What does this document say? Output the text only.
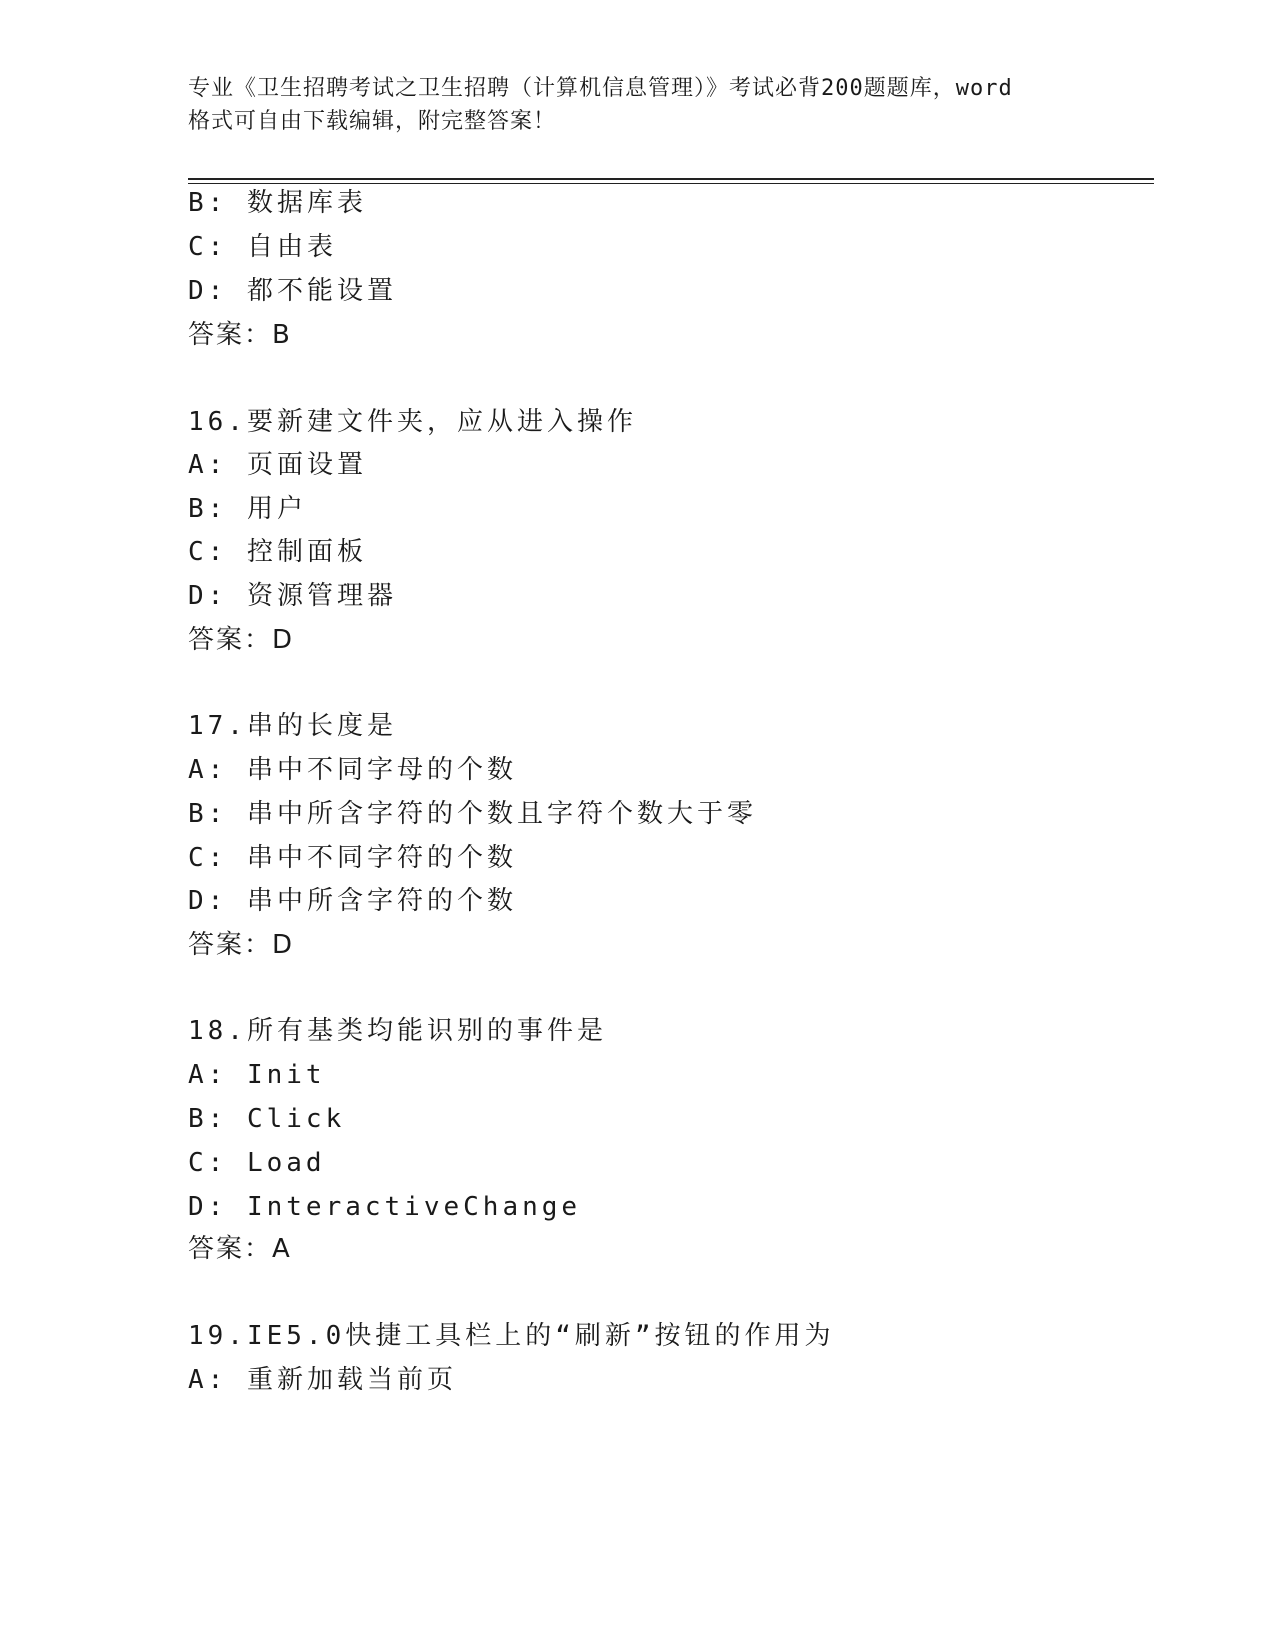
专业《卫生招聘考试之卫生招聘（计算机信息管理）》考试必背200题题库，word
格式可自由下载编辑，附完整答案！
B: 数据库表
C: 自由表
D: 都不能设置
答案：B
16.要新建文件夹，应从进入操作
A: 页面设置
B: 用户
C: 控制面板
D: 资源管理器
答案：D
17.串的长度是
A: 串中不同字母的个数
B: 串中所含字符的个数且字符个数大于零
C: 串中不同字符的个数
D: 串中所含字符的个数
答案：D
18.所有基类均能识别的事件是
A: Init
B: Click
C: Load
D: InteractiveChange
答案：A
19.IE5.0快捷工具栏上的“刷新”按钮的作用为
A: 重新加载当前页
